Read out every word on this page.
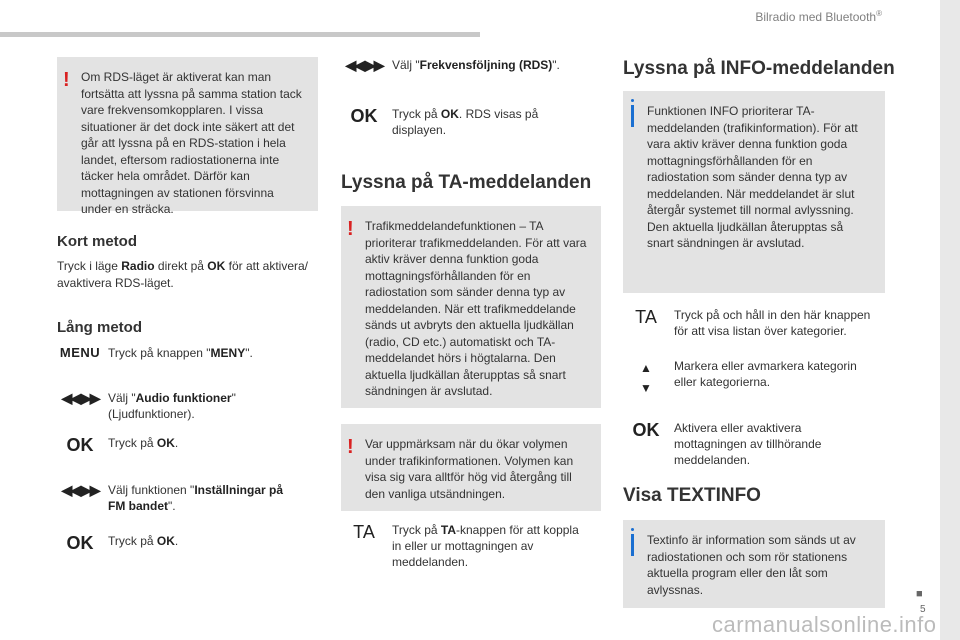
Bilradio med Bluetooth®
■
5
!
Om RDS-läget är aktiverat kan man fortsätta att lyssna på samma station tack vare frekvensomkopplaren. I vissa situationer är det dock inte säkert att det går att lyssna på en RDS-station i hela landet, eftersom radiostationerna inte täcker hela området. Därför kan mottagningen av stationen försvinna under en sträcka.
Kort metod

Tryck i läge Radio direkt på OK för att aktivera/ avaktivera RDS-läget.

Lång metod
MENU Tryck på knappen "MENY".
◀◀ ▶▶ Välj "Audio funktioner" (Ljudfunktioner).
OK	Tryck på OK.
◀◀ ▶▶ Välj funktionen "Inställningar på FM bandet".
OK	Tryck på OK.
◀◀ ▶▶ Välj "Frekvensföljning (RDS)".
OK	Tryck på OK. RDS visas på displayen.
Lyssna på TA-meddelanden
!
Trafikmeddelandefunktionen – TA prioriterar trafikmeddelanden. För att vara aktiv kräver denna funktion goda mottagningsförhållanden för en radiostation som sänder denna typ av meddelanden. När ett trafikmeddelande sänds ut avbryts den aktuella ljudkällan (radio, CD etc.) automatiskt och TA-meddelandet hörs i högtalarna. Den aktuella ljudkällan återupptas så snart sändningen är avslutad.
!
Var uppmärksam när du ökar volymen under trafikinformationen. Volymen kan visa sig vara alltför hög vid återgång till den vanliga utsändningen.
TA	Tryck på TA-knappen för att koppla in eller ur mottagningen av meddelanden.
Lyssna på INFO-meddelanden
Funktionen INFO prioriterar TA-meddelanden (trafikinformation). För att vara aktiv kräver denna funktion goda mottagningsförhållanden för en radiostation som sänder denna typ av meddelanden. När meddelandet är slut återgår systemet till normal avlyssning. Den aktuella ljudkällan återupptas så snart sändningen är avslutad.
TA	Tryck på och håll in den här knappen för att visa listan över kategorier.
▲
▼
Markera eller avmarkera kategorin eller kategorierna.
OK	Aktivera eller avaktivera mottagningen av tillhörande meddelanden.
Visa TEXTINFO
Textinfo är information som sänds ut av radiostationen och som rör stationens aktuella program eller den låt som avlyssnas.
carmanualsonline.info
